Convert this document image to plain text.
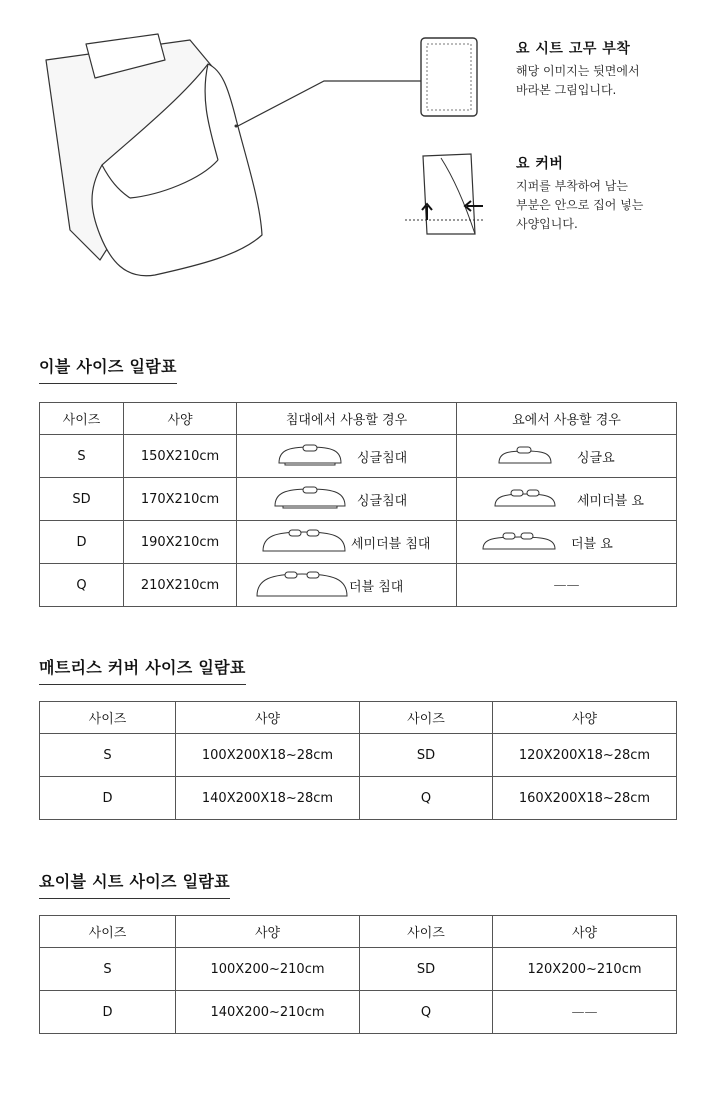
요 시트 고무 부착
해당 이미지는 뒷면에서
바라본 그림입니다.
요 커버
지퍼를 부착하여 남는
부분은 안으로 집어 넣는
사양입니다.
이블 사이즈 일람표
사이즈	사양	침대에서 사용할 경우	요에서 사용할 경우
S	150X210cm	싱글침대	싱글요

SD	170X210cm	싱글침대	세미더블 요

D	190X210cm	세미더블 침대	더블 요

Q	210X210cm	더블 침대	——
매트리스 커버 사이즈 일람표
사이즈	사양	사이즈	사양
S	100X200X18~28cm	SD	120X200X18~28cm
D	140X200X18~28cm	Q	160X200X18~28cm
요이블 시트 사이즈 일람표
사이즈	사양	사이즈	사양
S	100X200~210cm	SD	120X200~210cm
D	140X200~210cm	Q	——
